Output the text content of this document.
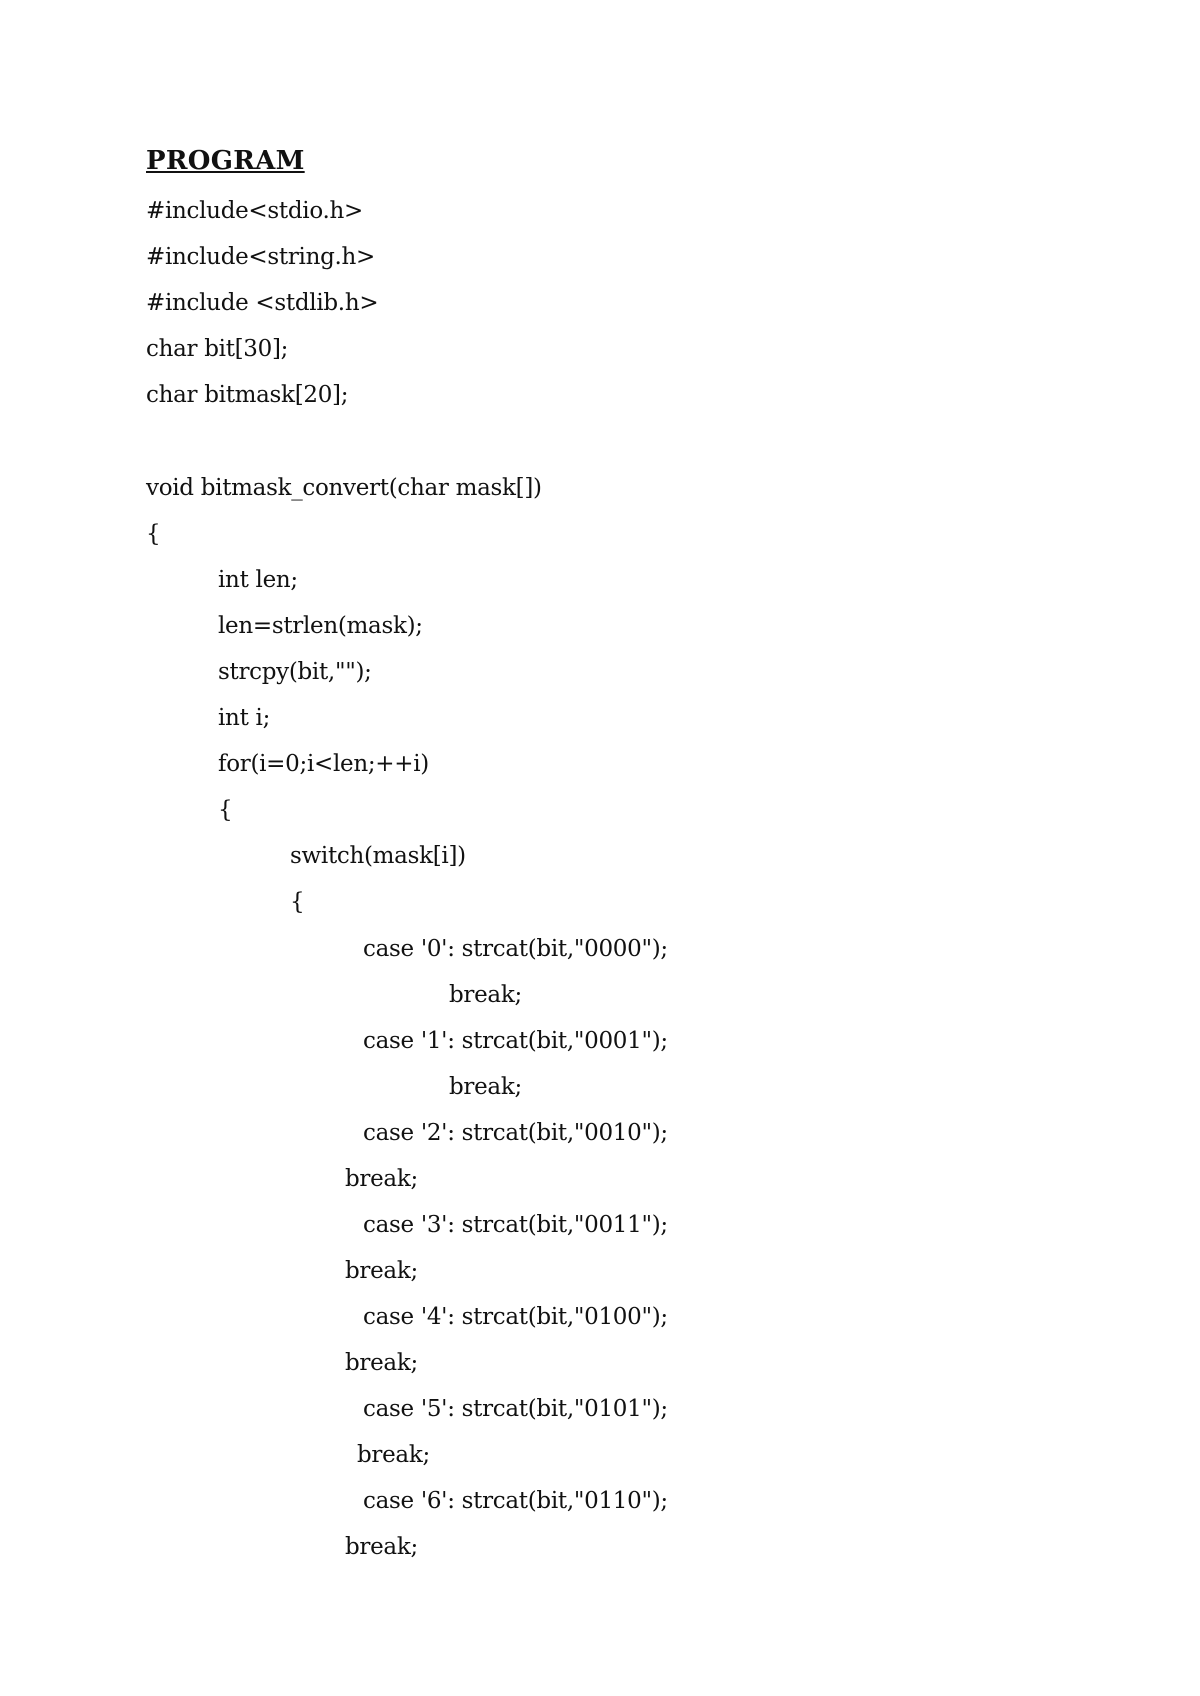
PROGRAM
#include<stdio.h>
#include<string.h>
#include <stdlib.h>
char bit[30];
char bitmask[20];
void bitmask_convert(char mask[])
{
int len;
len=strlen(mask);
strcpy(bit,"");
int i;
for(i=0;i<len;++i)
{
switch(mask[i])
{
case '0': strcat(bit,"0000");
break;
case '1': strcat(bit,"0001");
break;
case '2': strcat(bit,"0010");
break;
case '3': strcat(bit,"0011");
break;
case '4': strcat(bit,"0100");
break;
case '5': strcat(bit,"0101");
break;
case '6': strcat(bit,"0110");
break;
